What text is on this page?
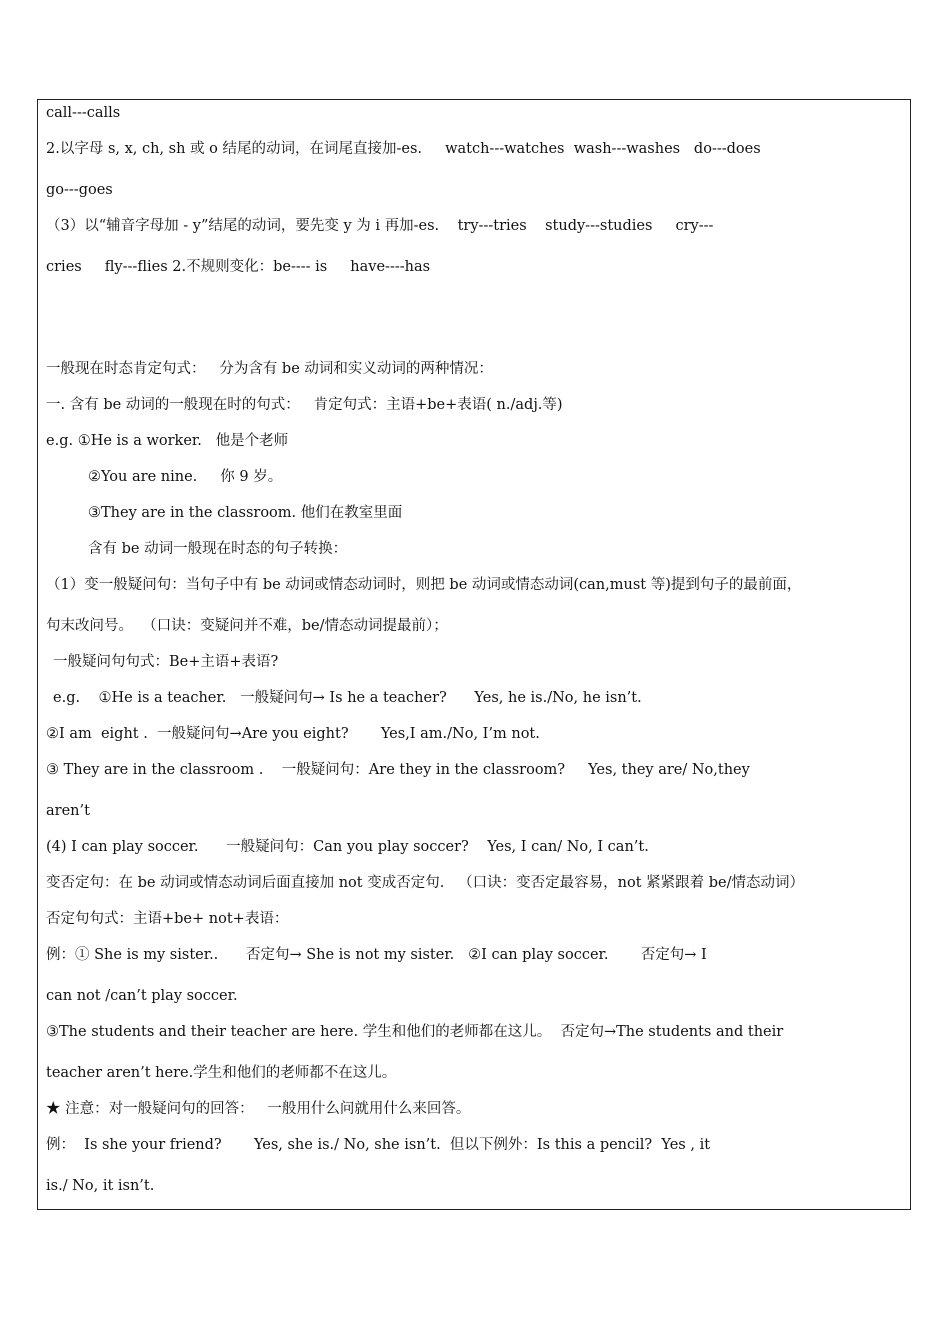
call---calls
2.以字母 s, x, ch, sh 或 o 结尾的动词，在词尾直接加-es.     watch---watches  wash---washes   do---does
go---goes
（3）以“辅音字母加 - y”结尾的动词，要先变 y 为 i 再加-es.    try---tries    study---studies     cry---
cries     fly---flies 2.不规则变化：be---- is     have----has
一般现在时态肯定句式：   分为含有 be 动词和实义动词的两种情况：
一. 含有 be 动词的一般现在时的句式：   肯定句式：主语+be+表语( n./adj.等)
e.g. ①He is a worker.   他是个老师
②You are nine.     你 9 岁。
③They are in the classroom. 他们在教室里面
含有 be 动词一般现在时态的句子转换：
（1）变一般疑问句：当句子中有 be 动词或情态动词时，则把 be 动词或情态动词(can,must 等)提到句子的最前面，
句末改问号。  （口诀：变疑问并不难，be/情态动词提最前）；
一般疑问句句式：Be+主语+表语?
e.g.    ①He is a teacher.   一般疑问句→ Is he a teacher?      Yes, he is./No, he isn’t.
②I am  eight .  一般疑问句→Are you eight?       Yes,I am./No, I’m not.
③ They are in the classroom .    一般疑问句：Are they in the classroom?     Yes, they are/ No,they
aren’t
(4) I can play soccer.      一般疑问句：Can you play soccer?    Yes, I can/ No, I can’t.
变否定句：在 be 动词或情态动词后面直接加 not 变成否定句.   （口诀：变否定最容易，not 紧紧跟着 be/情态动词）
否定句句式：主语+be+ not+表语：
例：① She is my sister..      否定句→ She is not my sister.   ②I can play soccer.       否定句→ I
can not /can’t play soccer.
③The students and their teacher are here. 学生和他们的老师都在这儿。  否定句→The students and their
teacher aren’t here.学生和他们的老师都不在这儿。
★ 注意：对一般疑问句的回答：   一般用什么问就用什么来回答。
例：  Is she your friend?       Yes, she is./ No, she isn’t.  但以下例外：Is this a pencil?  Yes , it
is./ No, it isn’t.
